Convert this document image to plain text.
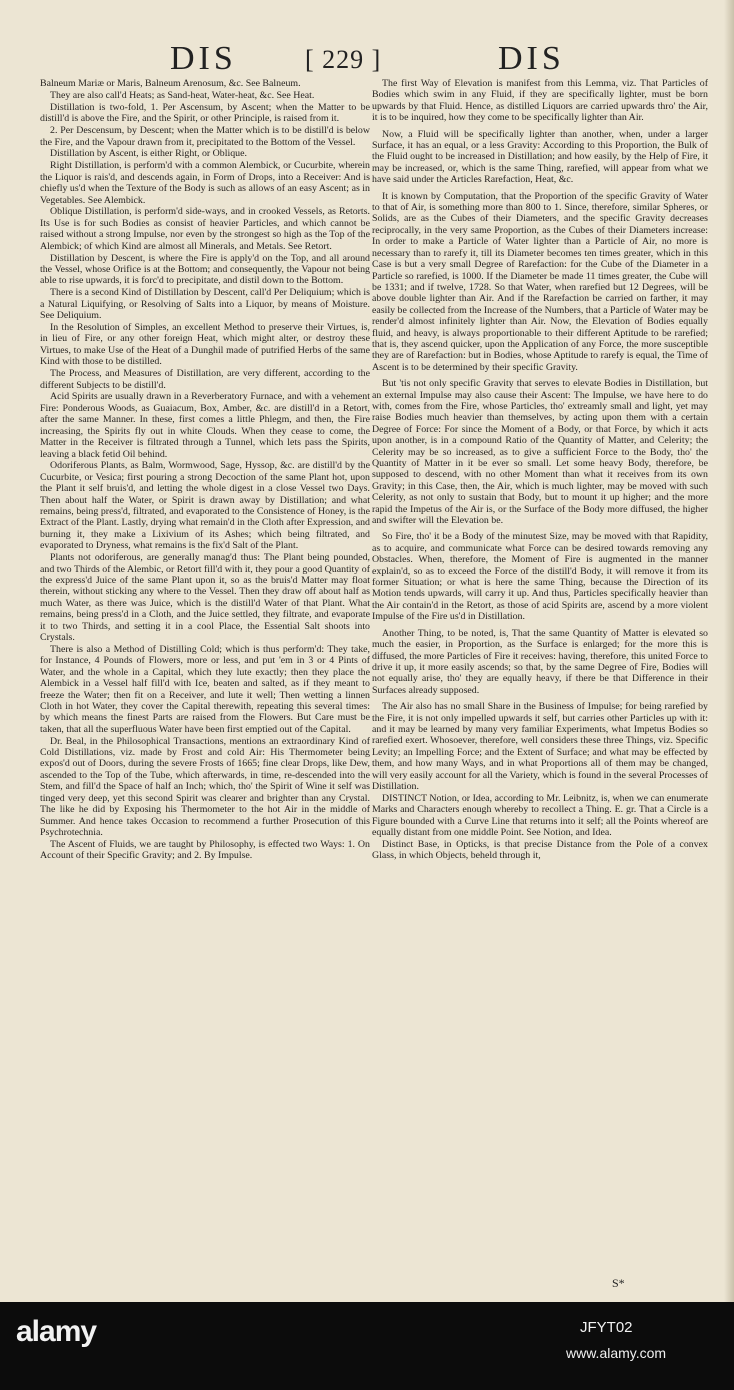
DIS	[ 229 ]	DIS

Balneum Mariæ or Maris, Balneum Arenosum, &c. See Balneum.

They are also call'd Heats; as Sand-heat, Water-heat, &c. See Heat.

Distillation is two-fold, 1. Per Ascensum, by Ascent; when the Matter to be distill'd is above the Fire, and the Spirit, or other Principle, is raised from it.

2. Per Descensum, by Descent; when the Matter which is to be distill'd is below the Fire, and the Vapour drawn from it, precipitated to the Bottom of the Vessel.

Distillation by Ascent, is either Right, or Oblique.

Right Distillation, is perform'd with a common Alembick, or Cucurbite, wherein the Liquor is rais'd, and descends again, in Form of Drops, into a Receiver: And is chiefly us'd when the Texture of the Body is such as allows of an easy Ascent; as in Vegetables. See Alembick.

Oblique Distillation, is perform'd side-ways, and in crooked Vessels, as Retorts. Its Use is for such Bodies as consist of heavier Particles, and which cannot be raised without a strong Impulse, nor even by the strongest so high as the Top of the Alembick; of which Kind are almost all Minerals, and Metals. See Retort.

Distillation by Descent, is where the Fire is apply'd on the Top, and all around the Vessel, whose Orifice is at the Bottom; and consequently, the Vapour not being able to rise upwards, it is forc'd to precipitate, and distil down to the Bottom.

There is a second Kind of Distillation by Descent, call'd Per Deliquium; which is a Natural Liquifying, or Resolving of Salts into a Liquor, by means of Moisture. See Deliquium.

In the Resolution of Simples, an excellent Method to preserve their Virtues, is, in lieu of Fire, or any other foreign Heat, which might alter, or destroy these Virtues, to make Use of the Heat of a Dunghil made of putrified Herbs of the same Kind with those to be distilled.

The Process, and Measures of Distillation, are very different, according to the different Subjects to be distill'd.

Acid Spirits are usually drawn in a Reverberatory Furnace, and with a vehement Fire: Ponderous Woods, as Guaiacum, Box, Amber, &c. are distill'd in a Retort, after the same Manner. In these, first comes a little Phlegm, and then, the Fire increasing, the Spirits fly out in white Clouds. When they cease to come, the Matter in the Receiver is filtrated through a Tunnel, which lets pass the Spirits, leaving a black fetid Oil behind.

Odoriferous Plants, as Balm, Wormwood, Sage, Hyssop, &c. are distill'd by the Cucurbite, or Vesica; first pouring a strong Decoction of the same Plant hot, upon the Plant it self bruis'd, and letting the whole digest in a close Vessel two Days. Then about half the Water, or Spirit is drawn away by Distillation; and what remains, being press'd, filtrated, and evaporated to the Consistence of Honey, is the Extract of the Plant. Lastly, drying what remain'd in the Cloth after Expression, and burning it, they make a Lixivium of its Ashes; which being filtrated, and evaporated to Dryness, what remains is the fix'd Salt of the Plant.

Plants not odoriferous, are generally manag'd thus: The Plant being pounded, and two Thirds of the Alembic, or Retort fill'd with it, they pour a good Quantity of the express'd Juice of the same Plant upon it, so as the bruis'd Matter may float therein, without sticking any where to the Vessel. Then they draw off about half as much Water, as there was Juice, which is the distill'd Water of that Plant. What remains, being press'd in a Cloth, and the Juice settled, they filtrate, and evaporate it to two Thirds, and setting it in a cool Place, the Essential Salt shoots into Crystals.

There is also a Method of Distilling Cold; which is thus perform'd: They take, for Instance, 4 Pounds of Flowers, more or less, and put 'em in 3 or 4 Pints of Water, and the whole in a Capital, which they lute exactly; then they place the Alembick in a Vessel half fill'd with Ice, beaten and salted, as if they meant to freeze the Water; then fit on a Receiver, and lute it well; Then wetting a linnen Cloth in hot Water, they cover the Capital therewith, repeating this several times: by which means the finest Parts are raised from the Flowers. But Care must be taken, that all the superfluous Water have been first emptied out of the Capital.

Dr. Beal, in the Philosophical Transactions, mentions an extraordinary Kind of Cold Distillations, viz. made by Frost and cold Air: His Thermometer being expos'd out of Doors, during the severe Frosts of 1665; fine clear Drops, like Dew, ascended to the Top of the Tube, which afterwards, in time, re-descended into the Stem, and fill'd the Space of half an Inch; which, tho' the Spirit of Wine it self was tinged very deep, yet this second Spirit was clearer and brighter than any Crystal. The like he did by Exposing his Thermometer to the hot Air in the middle of Summer. And hence takes Occasion to recommend a further Prosecution of this Psychrotechnia.

The Ascent of Fluids, we are taught by Philosophy, is effected two Ways: 1. On Account of their Specific Gravity; and 2. By Impulse.

The first Way of Elevation is manifest from this Lemma, viz. That Particles of Bodies which swim in any Fluid, if they are specifically lighter, must be born upwards by that Fluid. Hence, as distilled Liquors are carried upwards thro' the Air, it is to be inquired, how they come to be specifically lighter than Air.

Now, a Fluid will be specifically lighter than another, when, under a larger Surface, it has an equal, or a less Gravity: According to this Proportion, the Bulk of the Fluid ought to be increased in Distillation; and how easily, by the Help of Fire, it may be increased, or, which is the same Thing, rarefied, will appear from what we have said under the Articles Rarefaction, Heat, &c.

It is known by Computation, that the Proportion of the specific Gravity of Water to that of Air, is something more than 800 to 1. Since, therefore, similar Spheres, or Solids, are as the Cubes of their Diameters, and the specific Gravity decreases reciprocally, in the very same Proportion, as the Cubes of their Diameters increase: In order to make a Particle of Water lighter than a Particle of Air, no more is necessary than to rarefy it, till its Diameter becomes ten times greater, which in this Case is but a very small Degree of Rarefaction: for the Cube of the Diameter in a Particle so rarefied, is 1000. If the Diameter be made 11 times greater, the Cube will be 1331; and if twelve, 1728. So that Water, when rarefied but 12 Degrees, will be above double lighter than Air. And if the Rarefaction be carried on farther, it may easily be collected from the Increase of the Numbers, that a Particle of Water may be render'd almost infinitely lighter than Air. Now, the Elevation of Bodies equally fluid, and heavy, is always proportionable to their different Aptitude to be rarefied; that is, they ascend quicker, upon the Application of any Force, the more susceptible they are of Rarefaction: but in Bodies, whose Aptitude to rarefy is equal, the Time of Ascent is to be determined by their specific Gravity.

But 'tis not only specific Gravity that serves to elevate Bodies in Distillation, but an external Impulse may also cause their Ascent: The Impulse, we have here to do with, comes from the Fire, whose Particles, tho' extreamly small and light, yet may raise Bodies much heavier than themselves, by acting upon them with a certain Degree of Force: For since the Moment of a Body, or that Force, by which it acts upon another, is in a compound Ratio of the Quantity of Matter, and Celerity; the Celerity may be so increased, as to give a sufficient Force to the Body, tho' the Quantity of Matter in it be ever so small. Let some heavy Body, therefore, be supposed to descend, with no other Moment than what it receives from its own Gravity; in this Case, then, the Air, which is much lighter, may be moved with such Celerity, as not only to sustain that Body, but to mount it up higher; and the more rapid the Impetus of the Air is, or the Surface of the Body more diffused, the higher and swifter will the Elevation be.

So Fire, tho' it be a Body of the minutest Size, may be moved with that Rapidity, as to acquire, and communicate what Force can be desired towards removing any Obstacles. When, therefore, the Moment of Fire is augmented in the manner explain'd, so as to exceed the Force of the distill'd Body, it will remove it from its former Situation; or what is here the same Thing, because the Direction of its Motion tends upwards, will carry it up. And thus, Particles specifically heavier than the Air contain'd in the Retort, as those of acid Spirits are, ascend by a more violent Impulse of the Fire us'd in Distillation.

Another Thing, to be noted, is, That the same Quantity of Matter is elevated so much the easier, in Proportion, as the Surface is enlarged; for the more this is diffused, the more Particles of Fire it receives: having, therefore, this united Force to drive it up, it more easily ascends; so that, by the same Degree of Fire, Bodies will not equally arise, tho' they are equally heavy, if there be that Difference in their Surfaces already supposed.

The Air also has no small Share in the Business of Impulse; for being rarefied by the Fire, it is not only impelled upwards it self, but carries other Particles up with it: and it may be learned by many very familiar Experiments, what Impetus Bodies so rarefied exert. Whosoever, therefore, well considers these three Things, viz. Specific Levity; an Impelling Force; and the Extent of Surface; and what may be effected by them, and how many Ways, and in what Proportions all of them may be changed, will very easily account for all the Variety, which is found in the several Processes of Distillation.

DISTINCT Notion, or Idea, according to Mr. Leibnitz, is, when we can enumerate Marks and Characters enough whereby to recollect a Thing. E. gr. That a Circle is a Figure bounded with a Curve Line that returns into it self; all the Points whereof are equally distant from one middle Point. See Notion, and Idea.

Distinct Base, in Opticks, is that precise Distance from the Pole of a convex Glass, in which Objects, beheld through it,

S*
alamy	JFYT02
www.alamy.com
